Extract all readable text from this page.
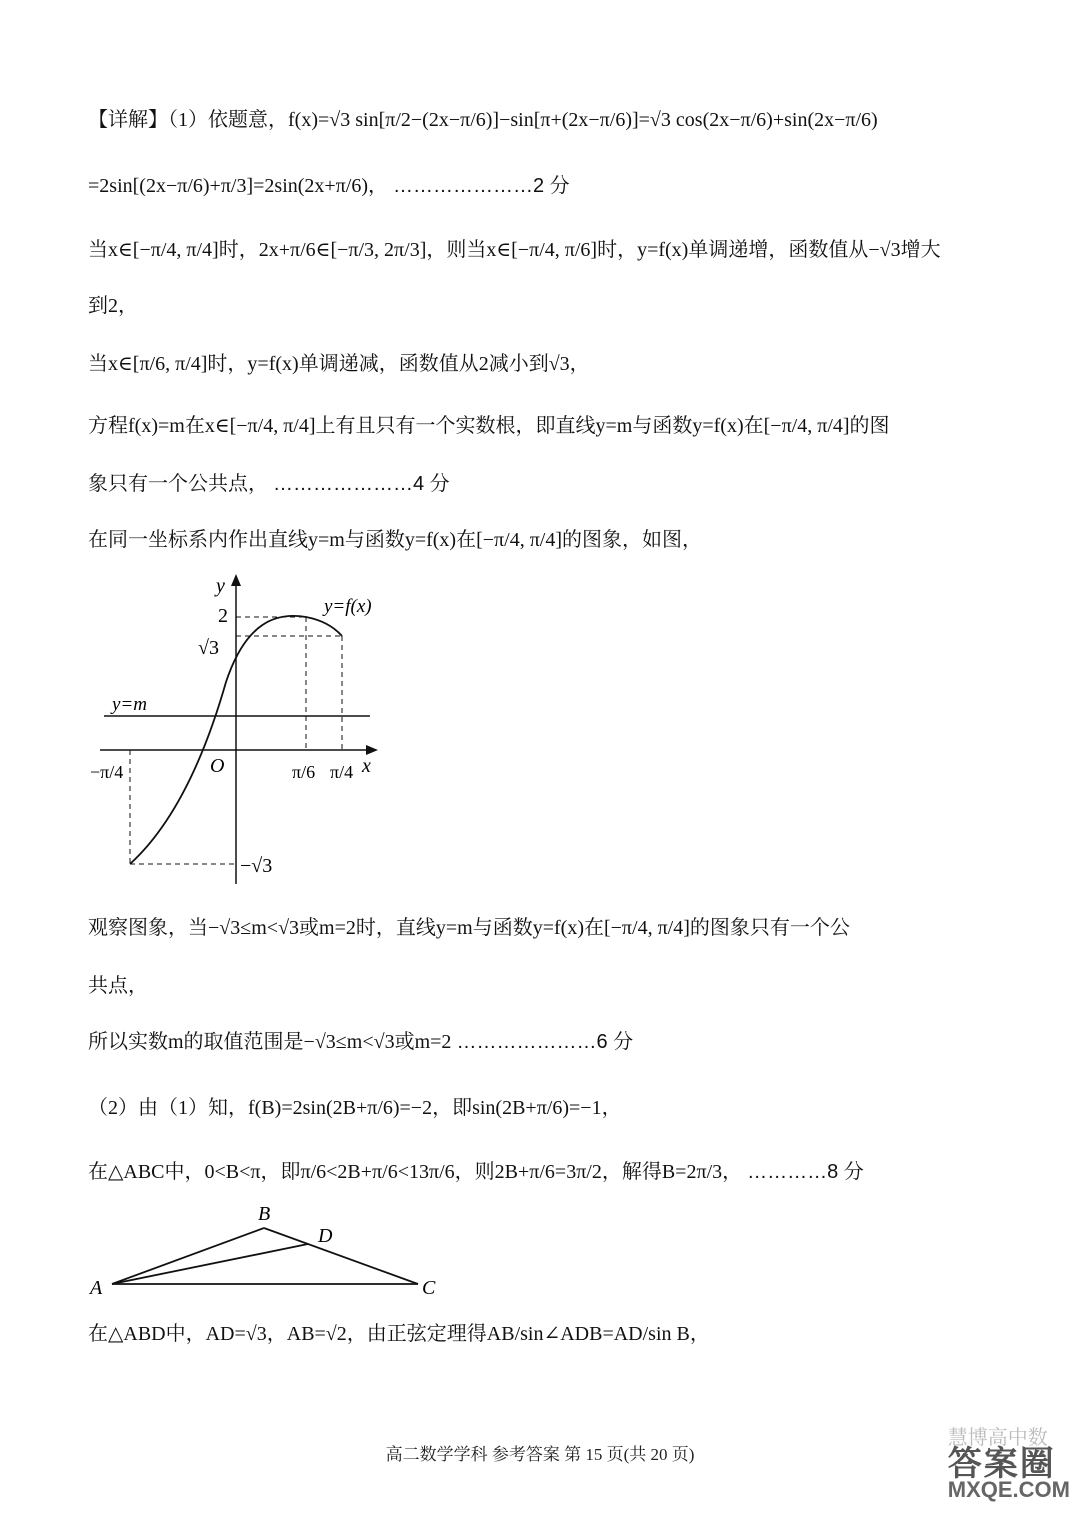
【详解】（1）依题意，f(x)=√3 sin[π/2−(2x−π/6)]−sin[π+(2x−π/6)]=√3 cos(2x−π/6)+sin(2x−π/6)
=2sin[(2x−π/6)+π/3]=2sin(2x+π/6)， …………………2 分
当x∈[−π/4, π/4]时，2x+π/6∈[−π/3, 2π/3]，则当x∈[−π/4, π/6]时，y=f(x)单调递增，函数值从−√3增大
到2，
当x∈[π/6, π/4]时，y=f(x)单调递减，函数值从2减小到√3，
方程f(x)=m在x∈[−π/4, π/4]上有且只有一个实数根，即直线y=m与函数y=f(x)在[−π/4, π/4]的图
象只有一个公共点， …………………4 分
在同一坐标系内作出直线y=m与函数y=f(x)在[−π/4, π/4]的图象，如图，
y
x
O
y=f(x)
y=m
2
√3
−√3
−π/4	π/6 π/4
观察图象，当−√3≤m<√3或m=2时，直线y=m与函数y=f(x)在[−π/4, π/4]的图象只有一个公
共点，
所以实数m的取值范围是−√3≤m<√3或m=2 …………………6 分
（2）由（1）知，f(B)=2sin(2B+π/6)=−2，即sin(2B+π/6)=−1，
在△ABC中，0<B<π，即π/6<2B+π/6<13π/6，则2B+π/6=3π/2，解得B=2π/3， …………8 分
A
B
C
D
在△ABD中，AD=√3，AB=√2，由正弦定理得AB/sin∠ADB=AD/sin B，
高二数学学科 参考答案 第 15 页(共 20 页)
慧博高中数
答案圈
MXQE.COM
